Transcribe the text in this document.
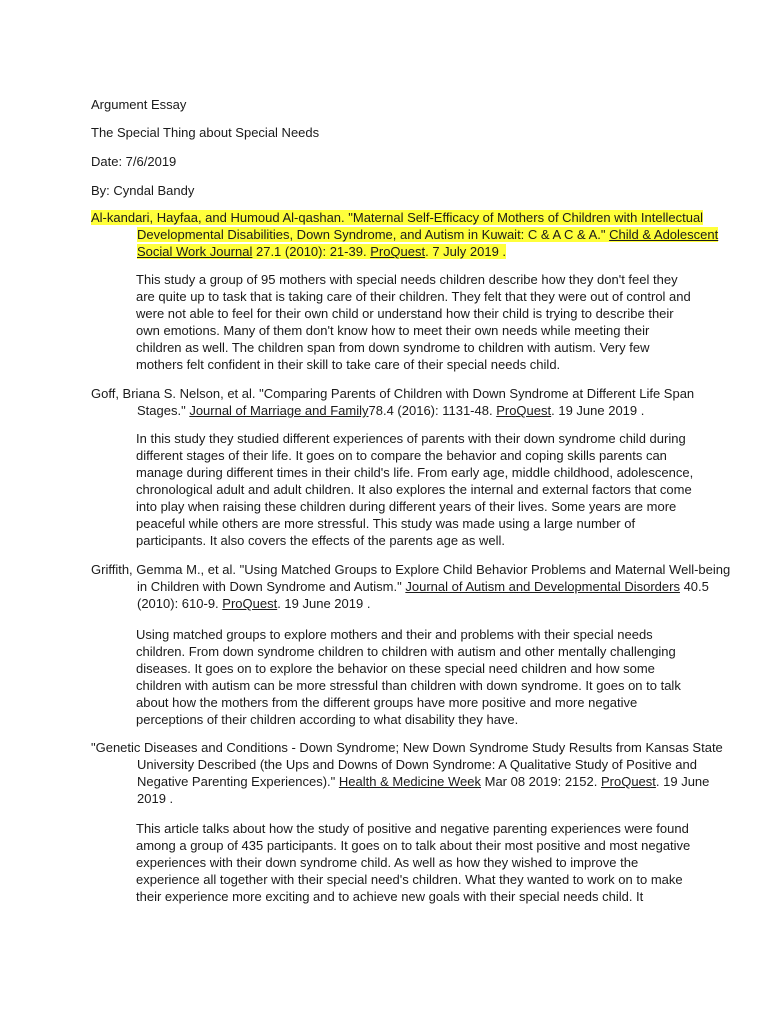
Argument Essay
The Special Thing about Special Needs
Date: 7/6/2019
By: Cyndal Bandy
Al-kandari, Hayfaa, and Humoud Al-qashan. "Maternal Self-Efficacy of Mothers of Children with Intellectual Developmental Disabilities, Down Syndrome, and Autism in Kuwait: C & A C & A." Child & Adolescent Social Work Journal 27.1 (2010): 21-39. ProQuest. 7 July 2019 .
This study a group of 95 mothers with special needs children describe how they don't feel they are quite up to task that is taking care of their children. They felt that they were out of control and were not able to feel for their own child or understand how their child is trying to describe their own emotions. Many of them don't know how to meet their own needs while meeting their children as well. The children span from down syndrome to children with autism. Very few mothers felt confident in their skill to take care of their special needs child.
Goff, Briana S. Nelson, et al. "Comparing Parents of Children with Down Syndrome at Different Life Span Stages." Journal of Marriage and Family78.4 (2016): 1131-48. ProQuest. 19 June 2019 .
In this study they studied different experiences of parents with their down syndrome child during different stages of their life. It goes on to compare the behavior and coping skills parents can manage during different times in their child's life. From early age, middle childhood, adolescence, chronological adult and adult children. It also explores the internal and external factors that come into play when raising these children during different years of their lives. Some years are more peaceful while others are more stressful. This study was made using a large number of participants. It also covers the effects of the parents age as well.
Griffith, Gemma M., et al. "Using Matched Groups to Explore Child Behavior Problems and Maternal Well-being in Children with Down Syndrome and Autism." Journal of Autism and Developmental Disorders 40.5 (2010): 610-9. ProQuest. 19 June 2019 .
Using matched groups to explore mothers and their and problems with their special needs children. From down syndrome children to children with autism and other mentally challenging diseases. It goes on to explore the behavior on these special need children and how some children with autism can be more stressful than children with down syndrome. It goes on to talk about how the mothers from the different groups have more positive and more negative perceptions of their children according to what disability they have.
"Genetic Diseases and Conditions - Down Syndrome; New Down Syndrome Study Results from Kansas State University Described (the Ups and Downs of Down Syndrome: A Qualitative Study of Positive and Negative Parenting Experiences)." Health & Medicine Week Mar 08 2019: 2152. ProQuest. 19 June 2019 .
This article talks about how the study of positive and negative parenting experiences were found among a group of 435 participants. It goes on to talk about their most positive and most negative experiences with their down syndrome child. As well as how they wished to improve the experience all together with their special need's children. What they wanted to work on to make their experience more exciting and to achieve new goals with their special needs child. It
